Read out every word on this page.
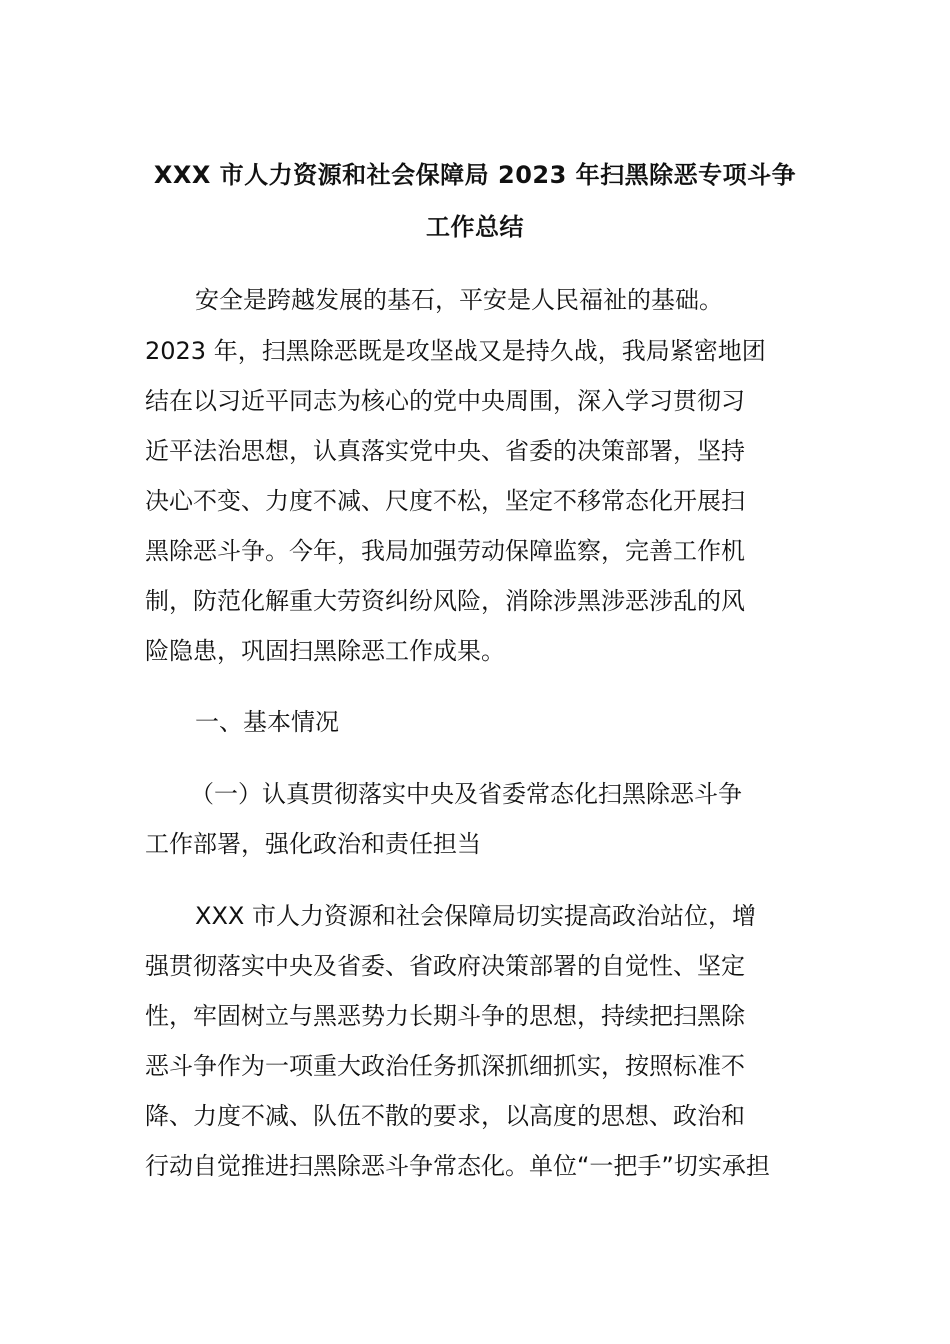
XXX 市人力资源和社会保障局 2023 年扫黑除恶专项斗争
工作总结
安全是跨越发展的基石，平安是人民福祉的基础。
2023 年，扫黑除恶既是攻坚战又是持久战，我局紧密地团
结在以习近平同志为核心的党中央周围，深入学习贯彻习
近平法治思想，认真落实党中央、省委的决策部署，坚持
决心不变、力度不减、尺度不松，坚定不移常态化开展扫
黑除恶斗争。今年，我局加强劳动保障监察，完善工作机
制，防范化解重大劳资纠纷风险，消除涉黑涉恶涉乱的风
险隐患，巩固扫黑除恶工作成果。
一、基本情况
（一）认真贯彻落实中央及省委常态化扫黑除恶斗争
工作部署，强化政治和责任担当
XXX 市人力资源和社会保障局切实提高政治站位，增
强贯彻落实中央及省委、省政府决策部署的自觉性、坚定
性，牢固树立与黑恶势力长期斗争的思想，持续把扫黑除
恶斗争作为一项重大政治任务抓深抓细抓实，按照标准不
降、力度不减、队伍不散的要求，以高度的思想、政治和
行动自觉推进扫黑除恶斗争常态化。单位“一把手”切实承担
